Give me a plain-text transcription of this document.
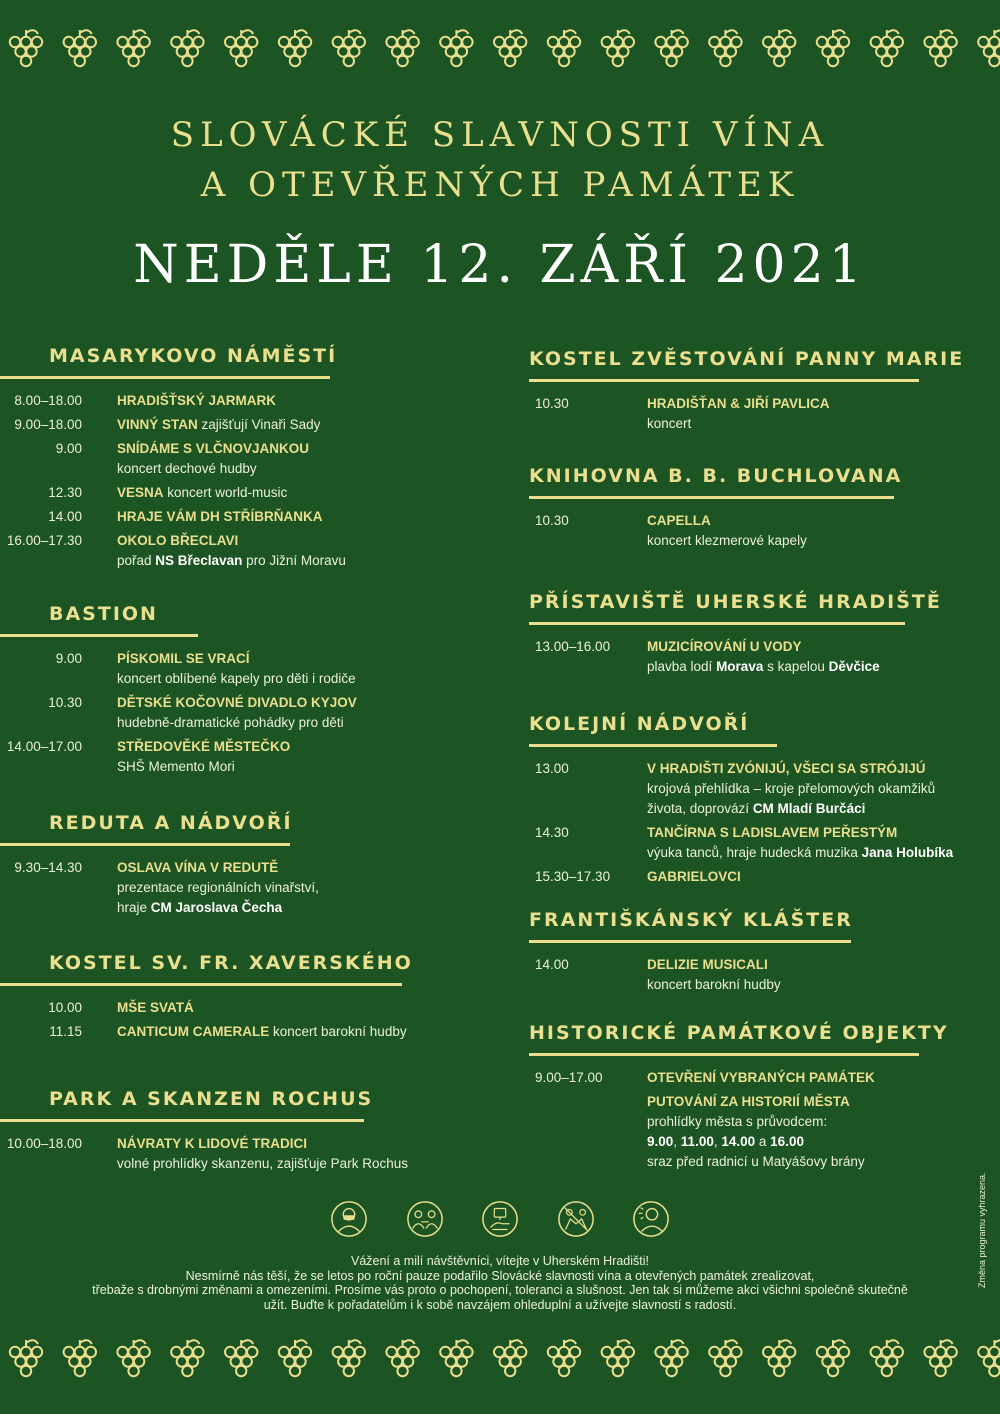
SLOVÁCKÉ SLAVNOSTI VÍNA
A OTEVŘENÝCH PAMÁTEK
NEDĚLE 12. ZÁŘÍ 2021
MASARYKOVO NÁMĚSTÍ
8.00–18.00	HRADIŠŤSKÝ JARMARK
9.00–18.00	VINNÝ STAN zajišťují Vinaři Sady
9.00	SNÍDÁME S VLČNOVJANKOU
koncert dechové hudby
12.30	VESNA koncert world-music
14.00	HRAJE VÁM DH STŘÍBRŇANKA
16.00–17.30	OKOLO BŘECLAVI
pořad NS Břeclavan pro Jižní Moravu
BASTION
9.00	PÍSKOMIL SE VRACÍ
koncert oblíbené kapely pro děti i rodiče
10.30	DĚTSKÉ KOČOVNÉ DIVADLO KYJOV
hudebně-dramatické pohádky pro děti
14.00–17.00	STŘEDOVĚKÉ MĚSTEČKO
SHŠ Memento Mori
REDUTA A NÁDVOŘÍ
9.30–14.30	OSLAVA VÍNA V REDUTĚ
prezentace regionálních vinařství,
hraje CM Jaroslava Čecha
KOSTEL SV. FR. XAVERSKÉHO
10.00	MŠE SVATÁ
11.15	CANTICUM CAMERALE koncert barokní hudby
PARK A SKANZEN ROCHUS
10.00–18.00	NÁVRATY K LIDOVÉ TRADICI
volné prohlídky skanzenu, zajišťuje Park Rochus
KOSTEL ZVĚSTOVÁNÍ PANNY MARIE
10.30	HRADIŠŤAN & JIŘÍ PAVLICA
koncert
KNIHOVNA B. B. BUCHLOVANA
10.30	CAPELLA
koncert klezmerové kapely
PŘÍSTAVIŠTĚ UHERSKÉ HRADIŠTĚ
13.00–16.00	MUZICÍROVÁNÍ U VODY
plavba lodí Morava s kapelou Děvčice
KOLEJNÍ NÁDVOŘÍ
13.00	V HRADIŠTI ZVÓNIJÚ, VŠECI SA STRÓJIJÚ
krojová přehlídka – kroje přelomových okamžiků
života, doprovází CM Mladí Burčáci
14.30	TANČÍRNA S LADISLAVEM PEŘESTÝM
výuka tanců, hraje hudecká muzika Jana Holubíka
15.30–17.30	GABRIELOVCI
FRANTIŠKÁNSKÝ KLÁŠTER
14.00	DELIZIE MUSICALI
koncert barokní hudby
HISTORICKÉ PAMÁTKOVÉ OBJEKTY
9.00–17.00	OTEVŘENÍ VYBRANÝCH PAMÁTEK
PUTOVÁNÍ ZA HISTORIÍ MĚSTA
prohlídky města s průvodcem:
9.00, 11.00, 14.00 a 16.00
sraz před radnicí u Matyášovy brány
Vážení a milí návštěvníci, vítejte v Uherském Hradišti!
Nesmírně nás těší, že se letos po roční pauze podařilo Slovácké slavnosti vína a otevřených památek zrealizovat,
třebaže s drobnými změnami a omezeními. Prosíme vás proto o pochopení, toleranci a slušnost. Jen tak si můžeme akci všichni společně skutečně
užít. Buďte k pořadatelům i k sobě navzájem ohleduplní a užívejte slavností s radostí.
Změna programu vyhrazena.
